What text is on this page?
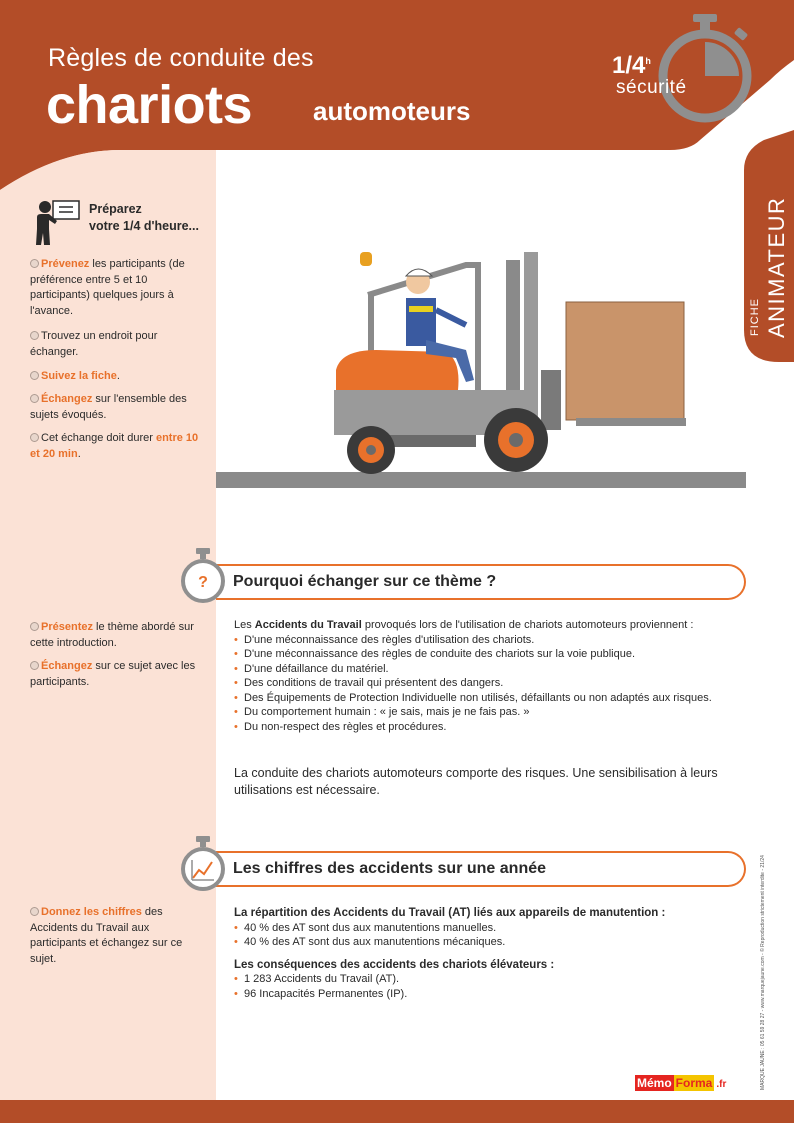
FICHE ANIMATEUR
Règles de conduite des
chariots automoteurs
1/4$^h$
sécurité
Préparez
votre 1/4 d'heure...
Prévenez les participants (de préférence entre 5 et 10 participants) quelques jours à l'avance.
Trouvez un endroit pour échanger.
Suivez la fiche.
Échangez sur l'ensemble des sujets évoqués.
Cet échange doit durer entre 10 et 20 min.
? Pourquoi échanger sur ce thème ?
Présentez le thème abordé sur cette introduction.
Échangez sur ce sujet avec les participants.
Les Accidents du Travail provoqués lors de l'utilisation de chariots automoteurs proviennent :
• D'une méconnaissance des règles d'utilisation des chariots.
• D'une méconnaissance des règles de conduite des chariots sur la voie publique.
• D'une défaillance du matériel.
• Des conditions de travail qui présentent des dangers.
• Des Équipements de Protection Individuelle non utilisés, défaillants ou non adaptés aux risques.
• Du comportement humain : « je sais, mais je ne fais pas. »
• Du non-respect des règles et procédures.
La conduite des chariots automoteurs comporte des risques. Une sensibilisation à leurs utilisations est nécessaire.
Les chiffres des accidents sur une année
Donnez les chiffres des Accidents du Travail aux participants et échangez sur ce sujet.
La répartition des Accidents du Travail (AT) liés aux appareils de manutention :
• 40 % des AT sont dus aux manutentions manuelles.
• 40 % des AT sont dus aux manutentions mécaniques.
Les conséquences des accidents des chariots élévateurs :
• 1 283 Accidents du Travail (AT).
• 96 Incapacités Permanentes (IP).	MARQUE JAUNE : 05 61 59 28 27 - www.marquejaune.com - © Reproduction strictement interdite - 21/24
Mémo Forma .fr
